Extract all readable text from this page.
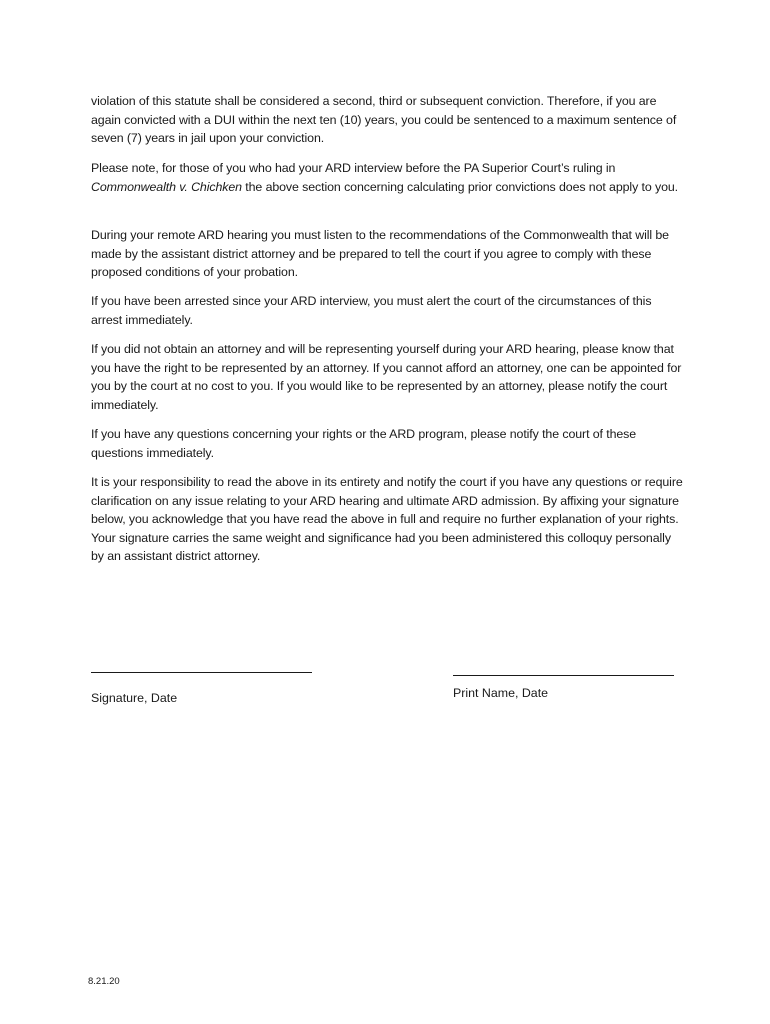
violation of this statute shall be considered a second, third or subsequent conviction. Therefore, if you are again convicted with a DUI within the next ten (10) years, you could be sentenced to a maximum sentence of seven (7) years in jail upon your conviction.

Please note, for those of you who had your ARD interview before the PA Superior Court’s ruling in Commonwealth v. Chichken the above section concerning calculating prior convictions does not apply to you.

During your remote ARD hearing you must listen to the recommendations of the Commonwealth that will be made by the assistant district attorney and be prepared to tell the court if you agree to comply with these proposed conditions of your probation.

If you have been arrested since your ARD interview, you must alert the court of the circumstances of this arrest immediately.

If you did not obtain an attorney and will be representing yourself during your ARD hearing, please know that you have the right to be represented by an attorney. If you cannot afford an attorney, one can be appointed for you by the court at no cost to you. If you would like to be represented by an attorney, please notify the court immediately.

If you have any questions concerning your rights or the ARD program, please notify the court of these questions immediately.

It is your responsibility to read the above in its entirety and notify the court if you have any questions or require clarification on any issue relating to your ARD hearing and ultimate ARD admission. By affixing your signature below, you acknowledge that you have read the above in full and require no further explanation of your rights. Your signature carries the same weight and significance had you been administered this colloquy personally by an assistant district attorney.

Signature, Date	Print Name, Date

8.21.20
